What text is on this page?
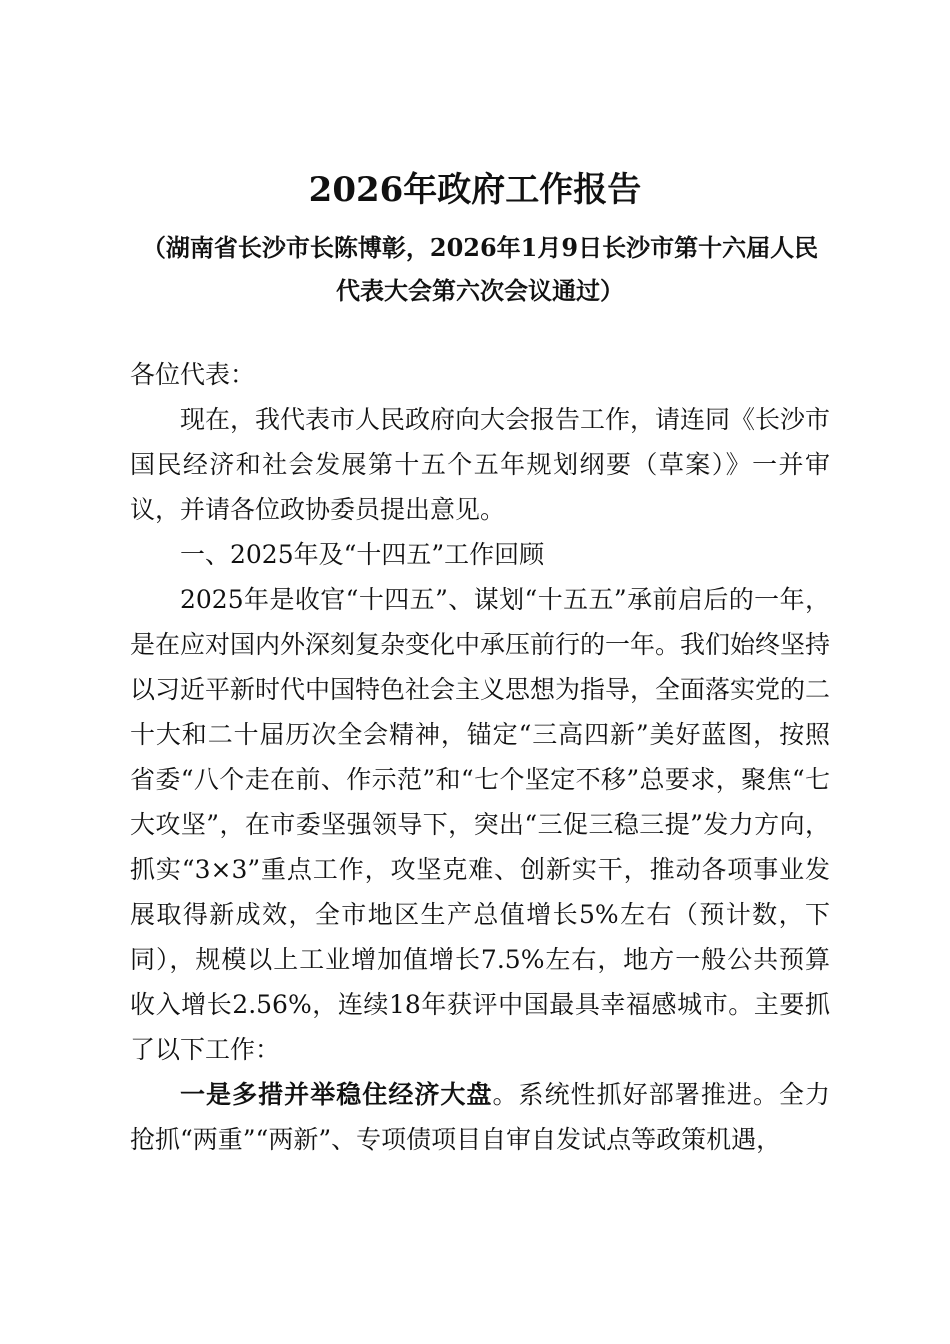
2026年政府工作报告
（湖南省长沙市长陈博彰，2026年1月9日长沙市第十六届人民代表大会第六次会议通过）

各位代表：

现在，我代表市人民政府向大会报告工作，请连同《长沙市国民经济和社会发展第十五个五年规划纲要（草案）》一并审议，并请各位政协委员提出意见。

一、2025年及“十四五”工作回顾

2025年是收官“十四五”、谋划“十五五”承前启后的一年，是在应对国内外深刻复杂变化中承压前行的一年。我们始终坚持以习近平新时代中国特色社会主义思想为指导，全面落实党的二十大和二十届历次全会精神，锚定“三高四新”美好蓝图，按照省委“八个走在前、作示范”和“七个坚定不移”总要求，聚焦“七大攻坚”，在市委坚强领导下，突出“三促三稳三提”发力方向，抓实“3×3”重点工作，攻坚克难、创新实干，推动各项事业发展取得新成效，全市地区生产总值增长5%左右（预计数，下同），规模以上工业增加值增长7.5%左右，地方一般公共预算收入增长2.56%，连续18年获评中国最具幸福感城市。主要抓了以下工作：

一是多措并举稳住经济大盘。系统性抓好部署推进。全力抢抓“两重”“两新”、专项债项目自审自发试点等政策机遇，
